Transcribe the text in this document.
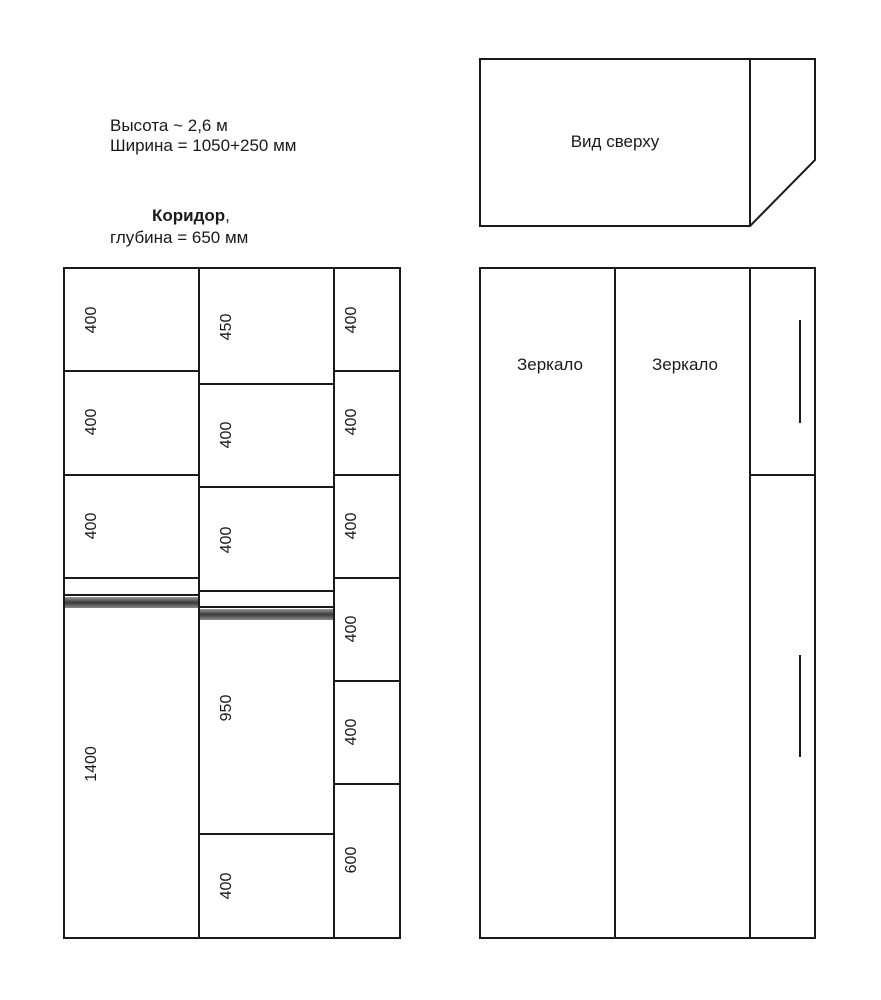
Высота ~ 2,6 м
Ширина = 1050+250 мм
Коридор,
глубина = 650 мм
400
400
400
1400
450
400
400
950
400
400
400
400
400
400
600
Вид сверху
Зеркало	Зеркало
